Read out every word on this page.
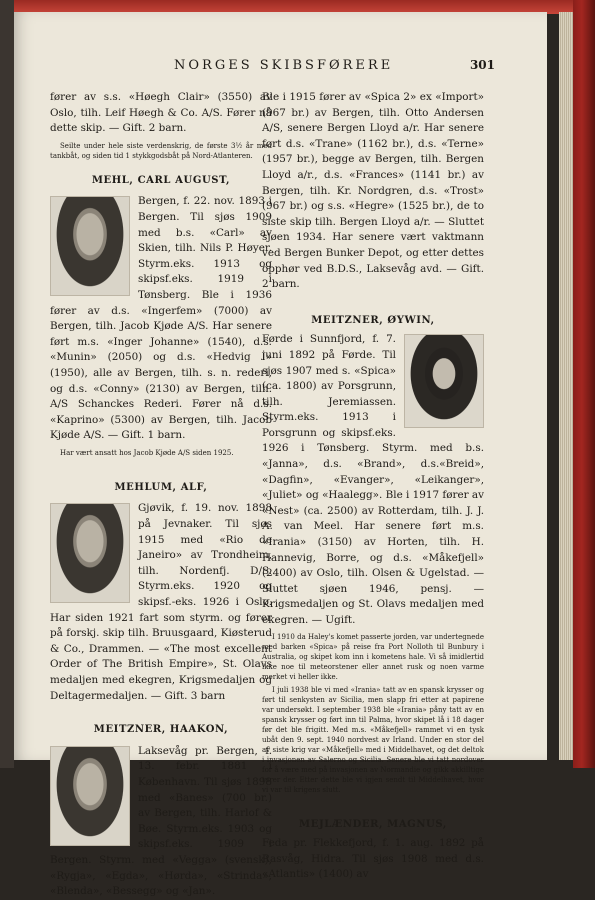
NORGES SKIBSFØRERE	301

fører av s.s. «Høegh Clair» (3550) av Oslo, tilh. Leif Høegh & Co. A/S. Fører nå dette skip. — Gift. 2 barn.

Seilte under hele siste verdenskrig, de første 3½ år med tankbåt, og siden tid 1 stykkgodsbåt på Nord-Atlanteren.

MEHL, CARL AUGUST,

Bergen, f. 22. nov. 1893 i Bergen. Til sjøs 1909 med b.s. «Carl» av Skien, tilh. Nils P. Høyer. Styrm.eks. 1913 og skipsf.eks. 1919 i Tønsberg. Ble i 1936 fører av d.s. «Ingerfem» (7000) av Bergen, tilh. Jacob Kjøde A/S. Har senere ført m.s. «Inger Johanne» (1540), d.s. «Munin» (2050) og d.s. «Hedvig I» (1950), alle av Bergen, tilh. s. n. rederi, og d.s. «Conny» (2130) av Bergen, tilh. A/S Schanckes Rederi. Fører nå d.s. «Kaprino» (5300) av Bergen, tilh. Jacob Kjøde A/S. — Gift. 1 barn.

Har vært ansatt hos Jacob Kjøde A/S siden 1925.

MEHLUM, ALF,

Gjøvik, f. 19. nov. 1898 på Jevnaker. Til sjøs 1915 med «Rio de Janeiro» av Trondheim, tilh. Nordenfj. D/S. Styrm.eks. 1920 og skipsf.-eks. 1926 i Oslo. Har siden 1921 fart som styrm. og fører på forskj. skip tilh. Bruusgaard, Kiøsterud & Co., Drammen. — «The most excellent Order of The British Empire», St. Olavs medaljen med ekegren, Krigsmedaljen og Deltagermedaljen. — Gift. 3 barn

MEITZNER, HAAKON,

Laksevåg pr. Bergen, f. 13. febr. 1881 i København. Til sjøs 1898 med «Banes» (700 br.) av Bergen, tilh. Harlof & Bøe. Styrm.eks. 1903 og skipsf.eks. 1909 i Bergen. Styrm. med «Vegga» (svensk), «Rygja», «Egda», «Hørda», «Strinda», «Blenda», «Bessegg» og «Jan».

Ble i 1915 fører av «Spica 2» ex «Import» (967 br.) av Bergen, tilh. Otto Andersen A/S, senere Bergen Lloyd a/r. Har senere ført d.s. «Trane» (1162 br.), d.s. «Terne» (1957 br.), begge av Bergen, tilh. Bergen Lloyd a/r., d.s. «Frances» (1141 br.) av Bergen, tilh. Kr. Nordgren, d.s. «Trost» (967 br.) og s.s. «Hegre» (1525 br.), de to siste skip tilh. Bergen Lloyd a/r. — Sluttet sjøen 1934. Har senere vært vaktmann ved Bergen Bunker Depot, og etter dettes opphør ved B.D.S., Laksevåg avd. — Gift. 2 barn.

MEITZNER, ØYWIN,

Førde i Sunnfjord, f. 7. juni 1892 på Førde. Til sjøs 1907 med s. «Spica» (ca. 1800) av Porsgrunn, tilh. Jeremiassen. Styrm.eks. 1913 i Porsgrunn og skipsf.eks. 1926 i Tønsberg. Styrm. med b.s. «Janna», d.s. «Brand», d.s.«Breid», «Dagfin», «Evanger», «Leikanger», «Juliet» og «Haalegg». Ble i 1917 fører av «Nest» (ca. 2500) av Rotterdam, tilh. J. J. A. van Meel. Har senere ført m.s. «Irania» (3150) av Horten, tilh. H. Hannevig, Borre, og d.s. «Måkefjell» (2400) av Oslo, tilh. Olsen & Ugelstad. — Sluttet sjøen 1946, pensj. — Krigsmedaljen og St. Olavs medaljen med ekegren. — Ugift.

I 1910 da Haley's komet passerte jorden, var undertegnede med barken «Spica» på reise fra Port Nolloth til Bunbury i Australia, og skipet kom inn i kometens hale. Vi så imidlertid ikke noe til meteorstener eller annet rusk og noen varme merket vi heller ikke.

I juli 1938 ble vi med «Irania» tatt av en spansk krysser og ført til senkysten av Sicilia, men slapp fri etter at papirene var undersøkt. I september 1938 ble «Irania» påny tatt av en spansk krysser og ført inn til Palma, hvor skipet lå i 18 dager før det ble frigitt. Med m.s. «Måkefjell» rammet vi en tysk ubåt den 9. sept. 1940 nordvest av Irland. Under en stor del av siste krig var «Måkefjell» med i Middelhavet, og det deltok i invasjonen av Salerno og Sicilia. Senere ble vi tatt nordover for å være med på invasjonen av Normandie og gikk akkilltige turer der. Etter dette ble vi igjen sendt til Middelhavet, hvor vi var til krigens slutt.

MEJLÆNDER, MAGNUS,

Feda pr. Flekkefjord, f. 1. aug. 1892 på Rasvåg, Hidra. Til sjøs 1908 med d.s. «Atlantis» (1400) av
